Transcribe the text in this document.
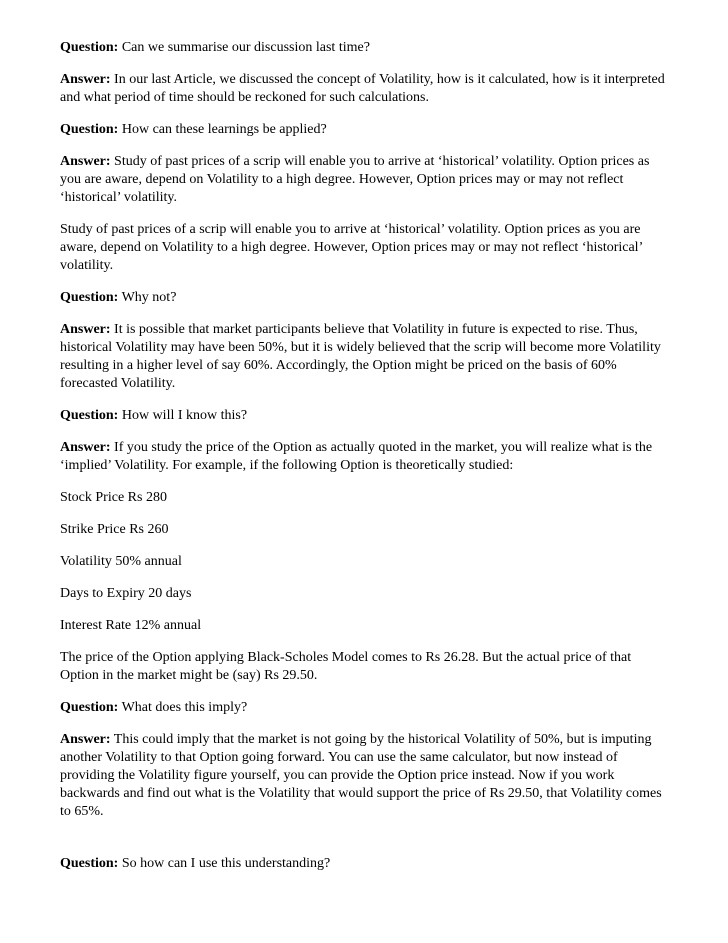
Question: Can we summarise our discussion last time?

Answer: In our last Article, we discussed the concept of Volatility, how is it calculated, how is it interpreted and what period of time should be reckoned for such calculations.

Question: How can these learnings be applied?

Answer: Study of past prices of a scrip will enable you to arrive at ‘historical’ volatility. Option prices as you are aware, depend on Volatility to a high degree. However, Option prices may or may not reflect ‘historical’ volatility.

Study of past prices of a scrip will enable you to arrive at ‘historical’ volatility. Option prices as you are aware, depend on Volatility to a high degree. However, Option prices may or may not reflect ‘historical’ volatility.

Question: Why not?

Answer: It is possible that market participants believe that Volatility in future is expected to rise. Thus, historical Volatility may have been 50%, but it is widely believed that the scrip will become more Volatility resulting in a higher level of say 60%. Accordingly, the Option might be priced on the basis of 60% forecasted Volatility.

Question: How will I know this?

Answer: If you study the price of the Option as actually quoted in the market, you will realize what is the ‘implied’ Volatility. For example, if the following Option is theoretically studied:

Stock Price Rs 280

Strike Price Rs 260

Volatility 50% annual

Days to Expiry 20 days

Interest Rate 12% annual

The price of the Option applying Black-Scholes Model comes to Rs 26.28. But the actual price of that Option in the market might be (say) Rs 29.50.

Question: What does this imply?

Answer: This could imply that the market is not going by the historical Volatility of 50%, but is imputing another Volatility to that Option going forward. You can use the same calculator, but now instead of providing the Volatility figure yourself, you can provide the Option price instead. Now if you work backwards and find out what is the Volatility that would support the price of Rs 29.50, that Volatility comes to 65%.

Question: So how can I use this understanding?
